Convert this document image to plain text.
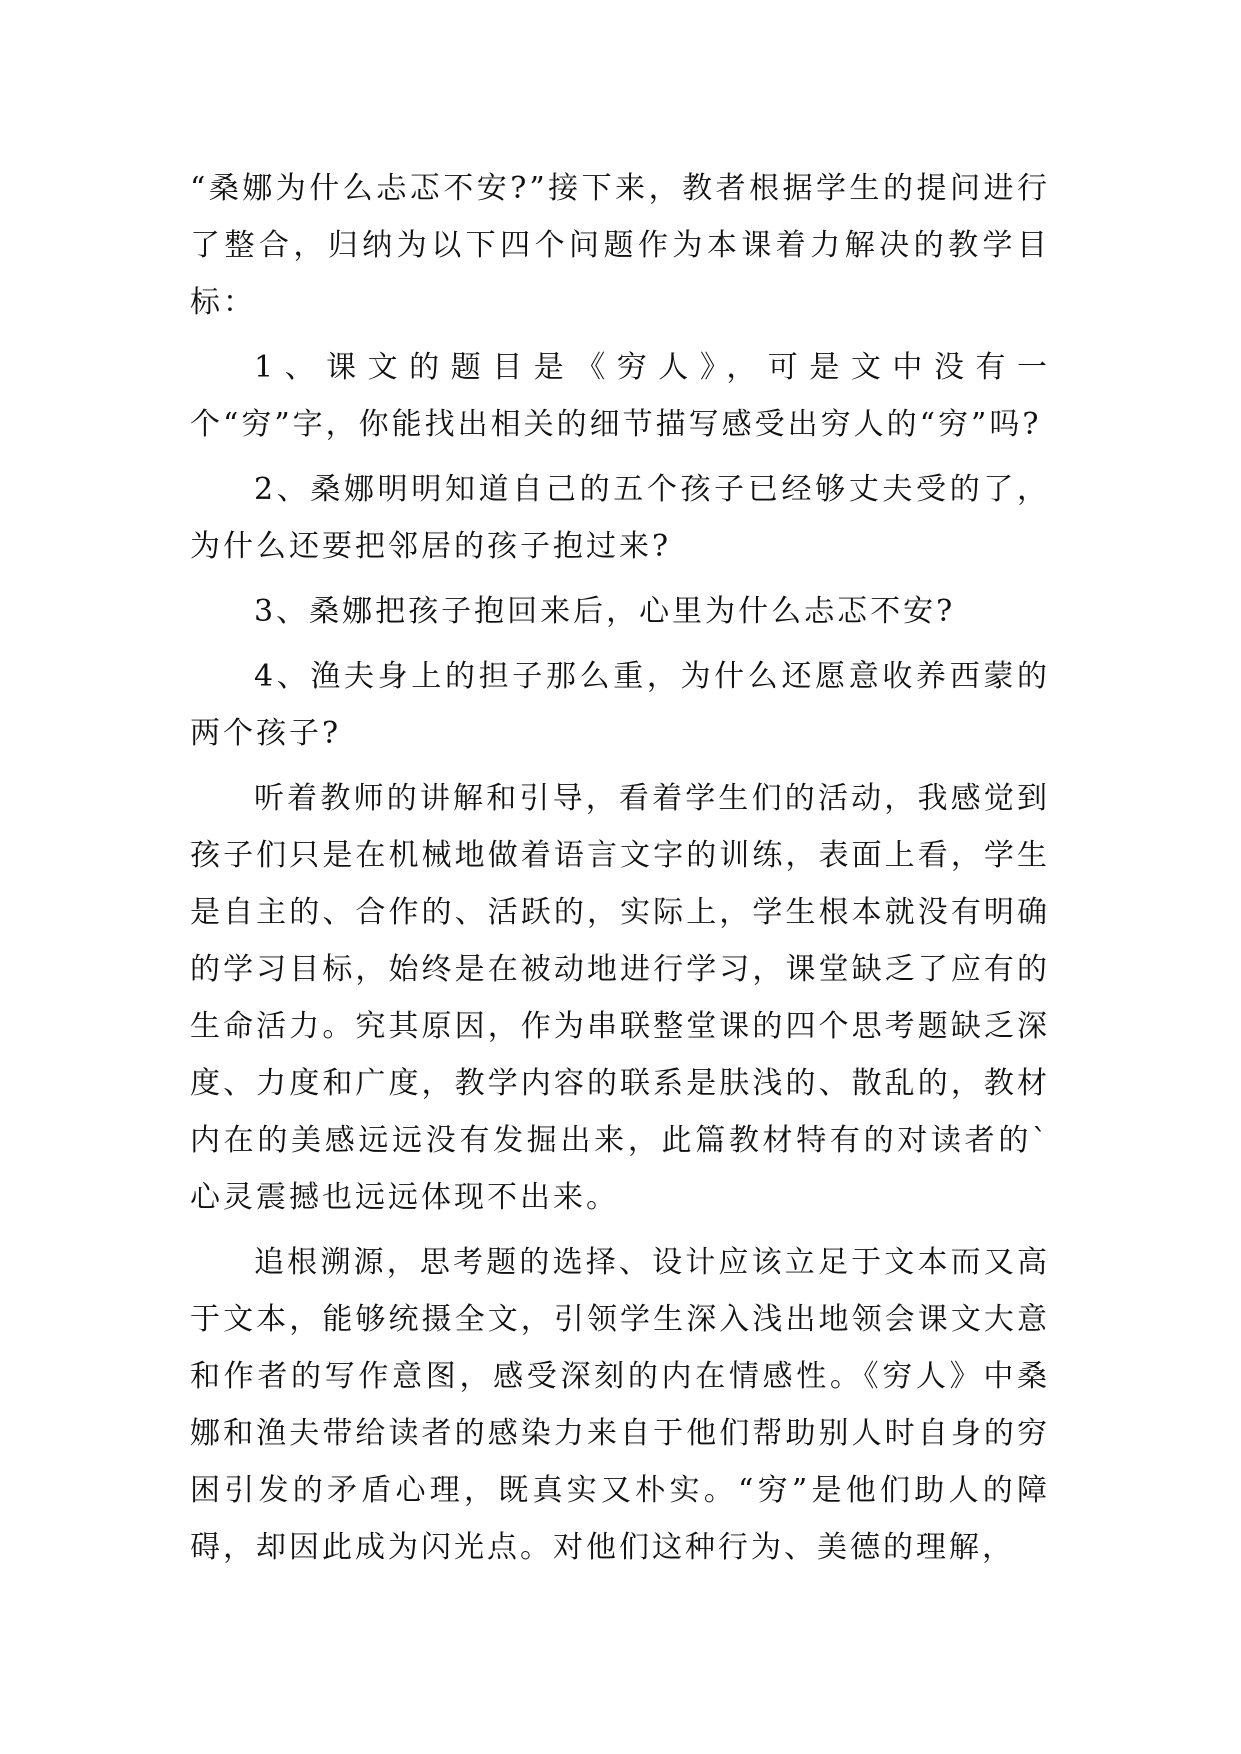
“桑娜为什么忐忑不安?”接下来，教者根据学生的提问进行了整合，归纳为以下四个问题作为本课着力解决的教学目标：

1、课文的题目是《穷人》，可是文中没有一个“穷”字，你能找出相关的细节描写感受出穷人的“穷”吗?

2、桑娜明明知道自己的五个孩子已经够丈夫受的了，为什么还要把邻居的孩子抱过来?

3、桑娜把孩子抱回来后，心里为什么忐忑不安?

4、渔夫身上的担子那么重，为什么还愿意收养西蒙的两个孩子?

听着教师的讲解和引导，看着学生们的活动，我感觉到孩子们只是在机械地做着语言文字的训练，表面上看，学生是自主的、合作的、活跃的，实际上，学生根本就没有明确的学习目标，始终是在被动地进行学习，课堂缺乏了应有的生命活力。究其原因，作为串联整堂课的四个思考题缺乏深度、力度和广度，教学内容的联系是肤浅的、散乱的，教材内在的美感远远没有发掘出来，此篇教材特有的对读者的`心灵震撼也远远体现不出来。

追根溯源，思考题的选择、设计应该立足于文本而又高于文本，能够统摄全文，引领学生深入浅出地领会课文大意和作者的写作意图，感受深刻的内在情感性。《穷人》中桑娜和渔夫带给读者的感染力来自于他们帮助别人时自身的穷困引发的矛盾心理，既真实又朴实。“穷”是他们助人的障碍，却因此成为闪光点。对他们这种行为、美德的理解，
